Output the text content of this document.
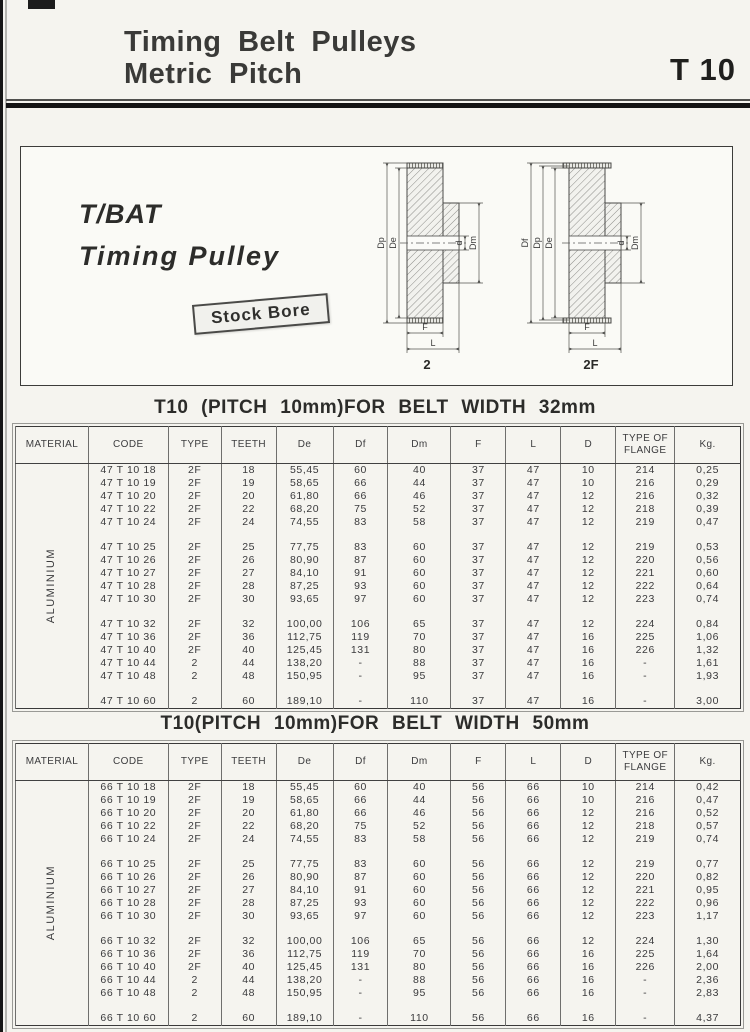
Timing Belt Pulleys
Metric Pitch	T 10
T/BAT
Timing Pulley
Stock Bore
Dp De	d Dm
F
L
2
Df Dp De	d Dm
F
L
2F
T10 (PITCH 10mm)FOR BELT WIDTH 32mm
MATERIAL	CODE	TYPE	TEETH	De	Df	Dm	F	L	D	TYPE OF FLANGE	Kg.

ALUMINIUM	47 T 10 18	2F	18	55,45	60	40	37	47	10	214	0,25
	47 T 10 19	2F	19	58,65	66	44	37	47	10	216	0,29
	47 T 10 20	2F	20	61,80	66	46	37	47	12	216	0,32
	47 T 10 22	2F	22	68,20	75	52	37	47	12	218	0,39
	47 T 10 24	2F	24	74,55	83	58	37	47	12	219	0,47

	47 T 10 25	2F	25	77,75	83	60	37	47	12	219	0,53
	47 T 10 26	2F	26	80,90	87	60	37	47	12	220	0,56
	47 T 10 27	2F	27	84,10	91	60	37	47	12	221	0,60
	47 T 10 28	2F	28	87,25	93	60	37	47	12	222	0,64
	47 T 10 30	2F	30	93,65	97	60	37	47	12	223	0,74

	47 T 10 32	2F	32	100,00	106	65	37	47	12	224	0,84
	47 T 10 36	2F	36	112,75	119	70	37	47	16	225	1,06
	47 T 10 40	2F	40	125,45	131	80	37	47	16	226	1,32
	47 T 10 44	2	44	138,20	-	88	37	47	16	-	1,61
	47 T 10 48	2	48	150,95	-	95	37	47	16	-	1,93

	47 T 10 60	2	60	189,10	-	110	37	47	16	-	3,00
T10(PITCH 10mm)FOR BELT WIDTH 50mm
MATERIAL	CODE	TYPE	TEETH	De	Df	Dm	F	L	D	TYPE OF FLANGE	Kg.

ALUMINIUM	66 T 10 18	2F	18	55,45	60	40	56	66	10	214	0,42
	66 T 10 19	2F	19	58,65	66	44	56	66	10	216	0,47
	66 T 10 20	2F	20	61,80	66	46	56	66	12	216	0,52
	66 T 10 22	2F	22	68,20	75	52	56	66	12	218	0,57
	66 T 10 24	2F	24	74,55	83	58	56	66	12	219	0,74

	66 T 10 25	2F	25	77,75	83	60	56	66	12	219	0,77
	66 T 10 26	2F	26	80,90	87	60	56	66	12	220	0,82
	66 T 10 27	2F	27	84,10	91	60	56	66	12	221	0,95
	66 T 10 28	2F	28	87,25	93	60	56	66	12	222	0,96
	66 T 10 30	2F	30	93,65	97	60	56	66	12	223	1,17

	66 T 10 32	2F	32	100,00	106	65	56	66	12	224	1,30
	66 T 10 36	2F	36	112,75	119	70	56	66	16	225	1,64
	66 T 10 40	2F	40	125,45	131	80	56	66	16	226	2,00
	66 T 10 44	2	44	138,20	-	88	56	66	16	-	2,36
	66 T 10 48	2	48	150,95	-	95	56	66	16	-	2,83

	66 T 10 60	2	60	189,10	-	110	56	66	16	-	4,37
